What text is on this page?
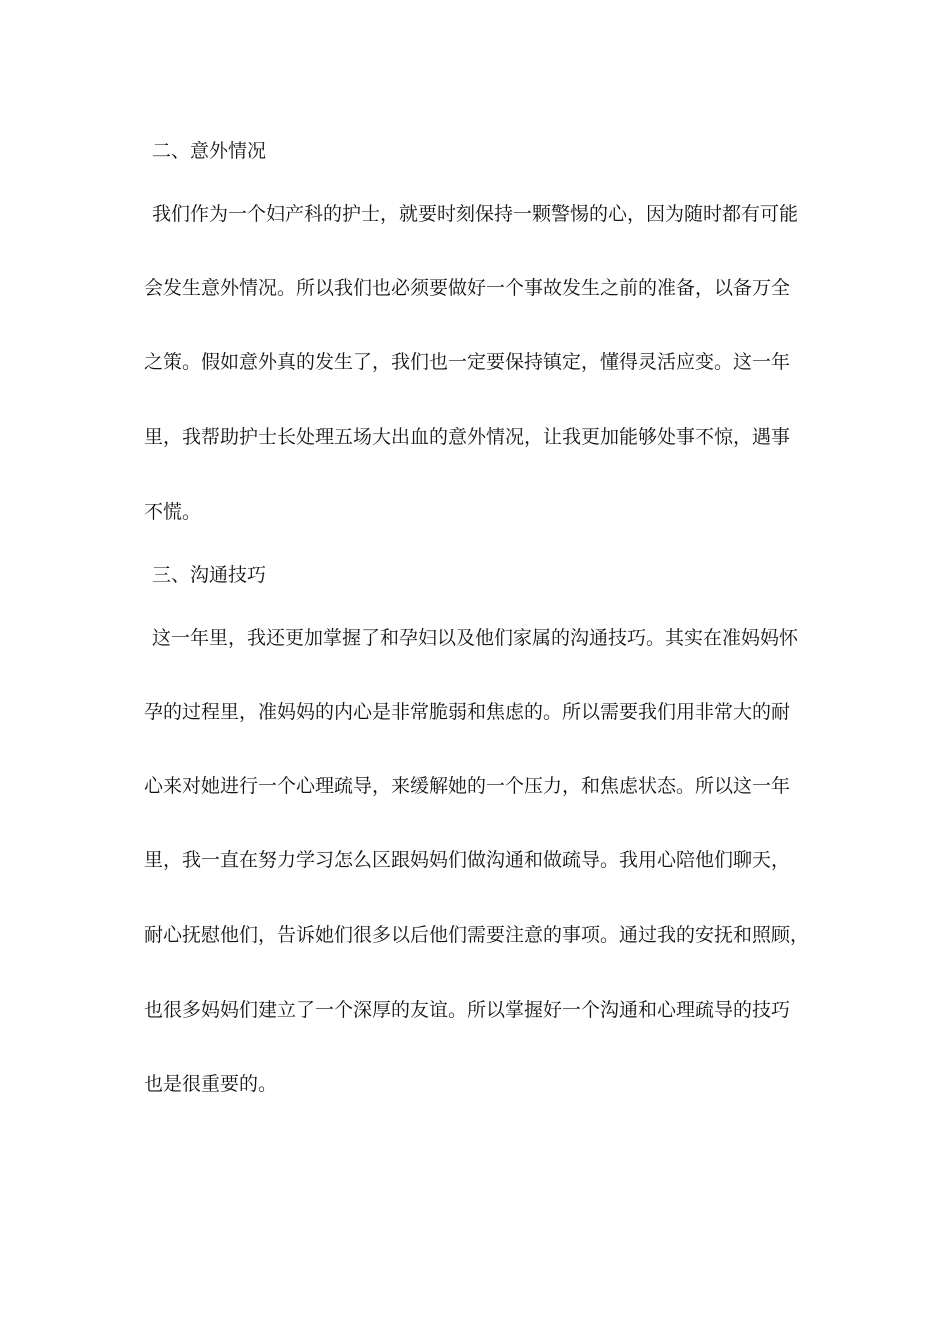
二、意外情况
我们作为一个妇产科的护士，就要时刻保持一颗警惕的心，因为随时都有可能
会发生意外情况。所以我们也必须要做好一个事故发生之前的准备，以备万全
之策。假如意外真的发生了，我们也一定要保持镇定，懂得灵活应变。这一年
里，我帮助护士长处理五场大出血的意外情况，让我更加能够处事不惊，遇事
不慌。
三、沟通技巧
这一年里，我还更加掌握了和孕妇以及他们家属的沟通技巧。其实在准妈妈怀
孕的过程里，准妈妈的内心是非常脆弱和焦虑的。所以需要我们用非常大的耐
心来对她进行一个心理疏导，来缓解她的一个压力，和焦虑状态。所以这一年
里，我一直在努力学习怎么区跟妈妈们做沟通和做疏导。我用心陪他们聊天，
耐心抚慰他们，告诉她们很多以后他们需要注意的事项。通过我的安抚和照顾，
也很多妈妈们建立了一个深厚的友谊。所以掌握好一个沟通和心理疏导的技巧
也是很重要的。
